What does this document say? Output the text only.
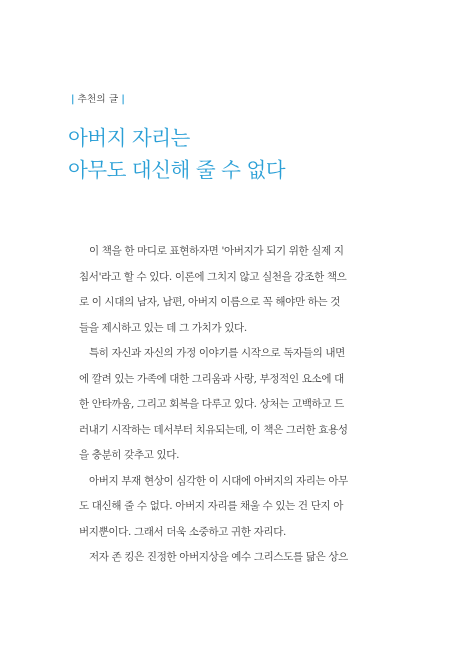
| 추천의 글 |
아버지 자리는
아무도 대신해 줄 수 없다
이 책을 한 마디로 표현하자면 '아버지가 되기 위한 실제 지
침서'라고 할 수 있다. 이론에 그치지 않고 실천을 강조한 책으
로 이 시대의 남자, 남편, 아버지 이름으로 꼭 해야만 하는 것
들을 제시하고 있는 데 그 가치가 있다.
특히 자신과 자신의 가정 이야기를 시작으로 독자들의 내면
에 깔려 있는 가족에 대한 그리움과 사랑, 부정적인 요소에 대
한 안타까움, 그리고 회복을 다루고 있다. 상처는 고백하고 드
러내기 시작하는 데서부터 치유되는데, 이 책은 그러한 효용성
을 충분히 갖추고 있다.
아버지 부재 현상이 심각한 이 시대에 아버지의 자리는 아무
도 대신해 줄 수 없다. 아버지 자리를 채울 수 있는 건 단지 아
버지뿐이다. 그래서 더욱 소중하고 귀한 자리다.
저자 존 킹은 진정한 아버지상을 예수 그리스도를 닮은 상으
